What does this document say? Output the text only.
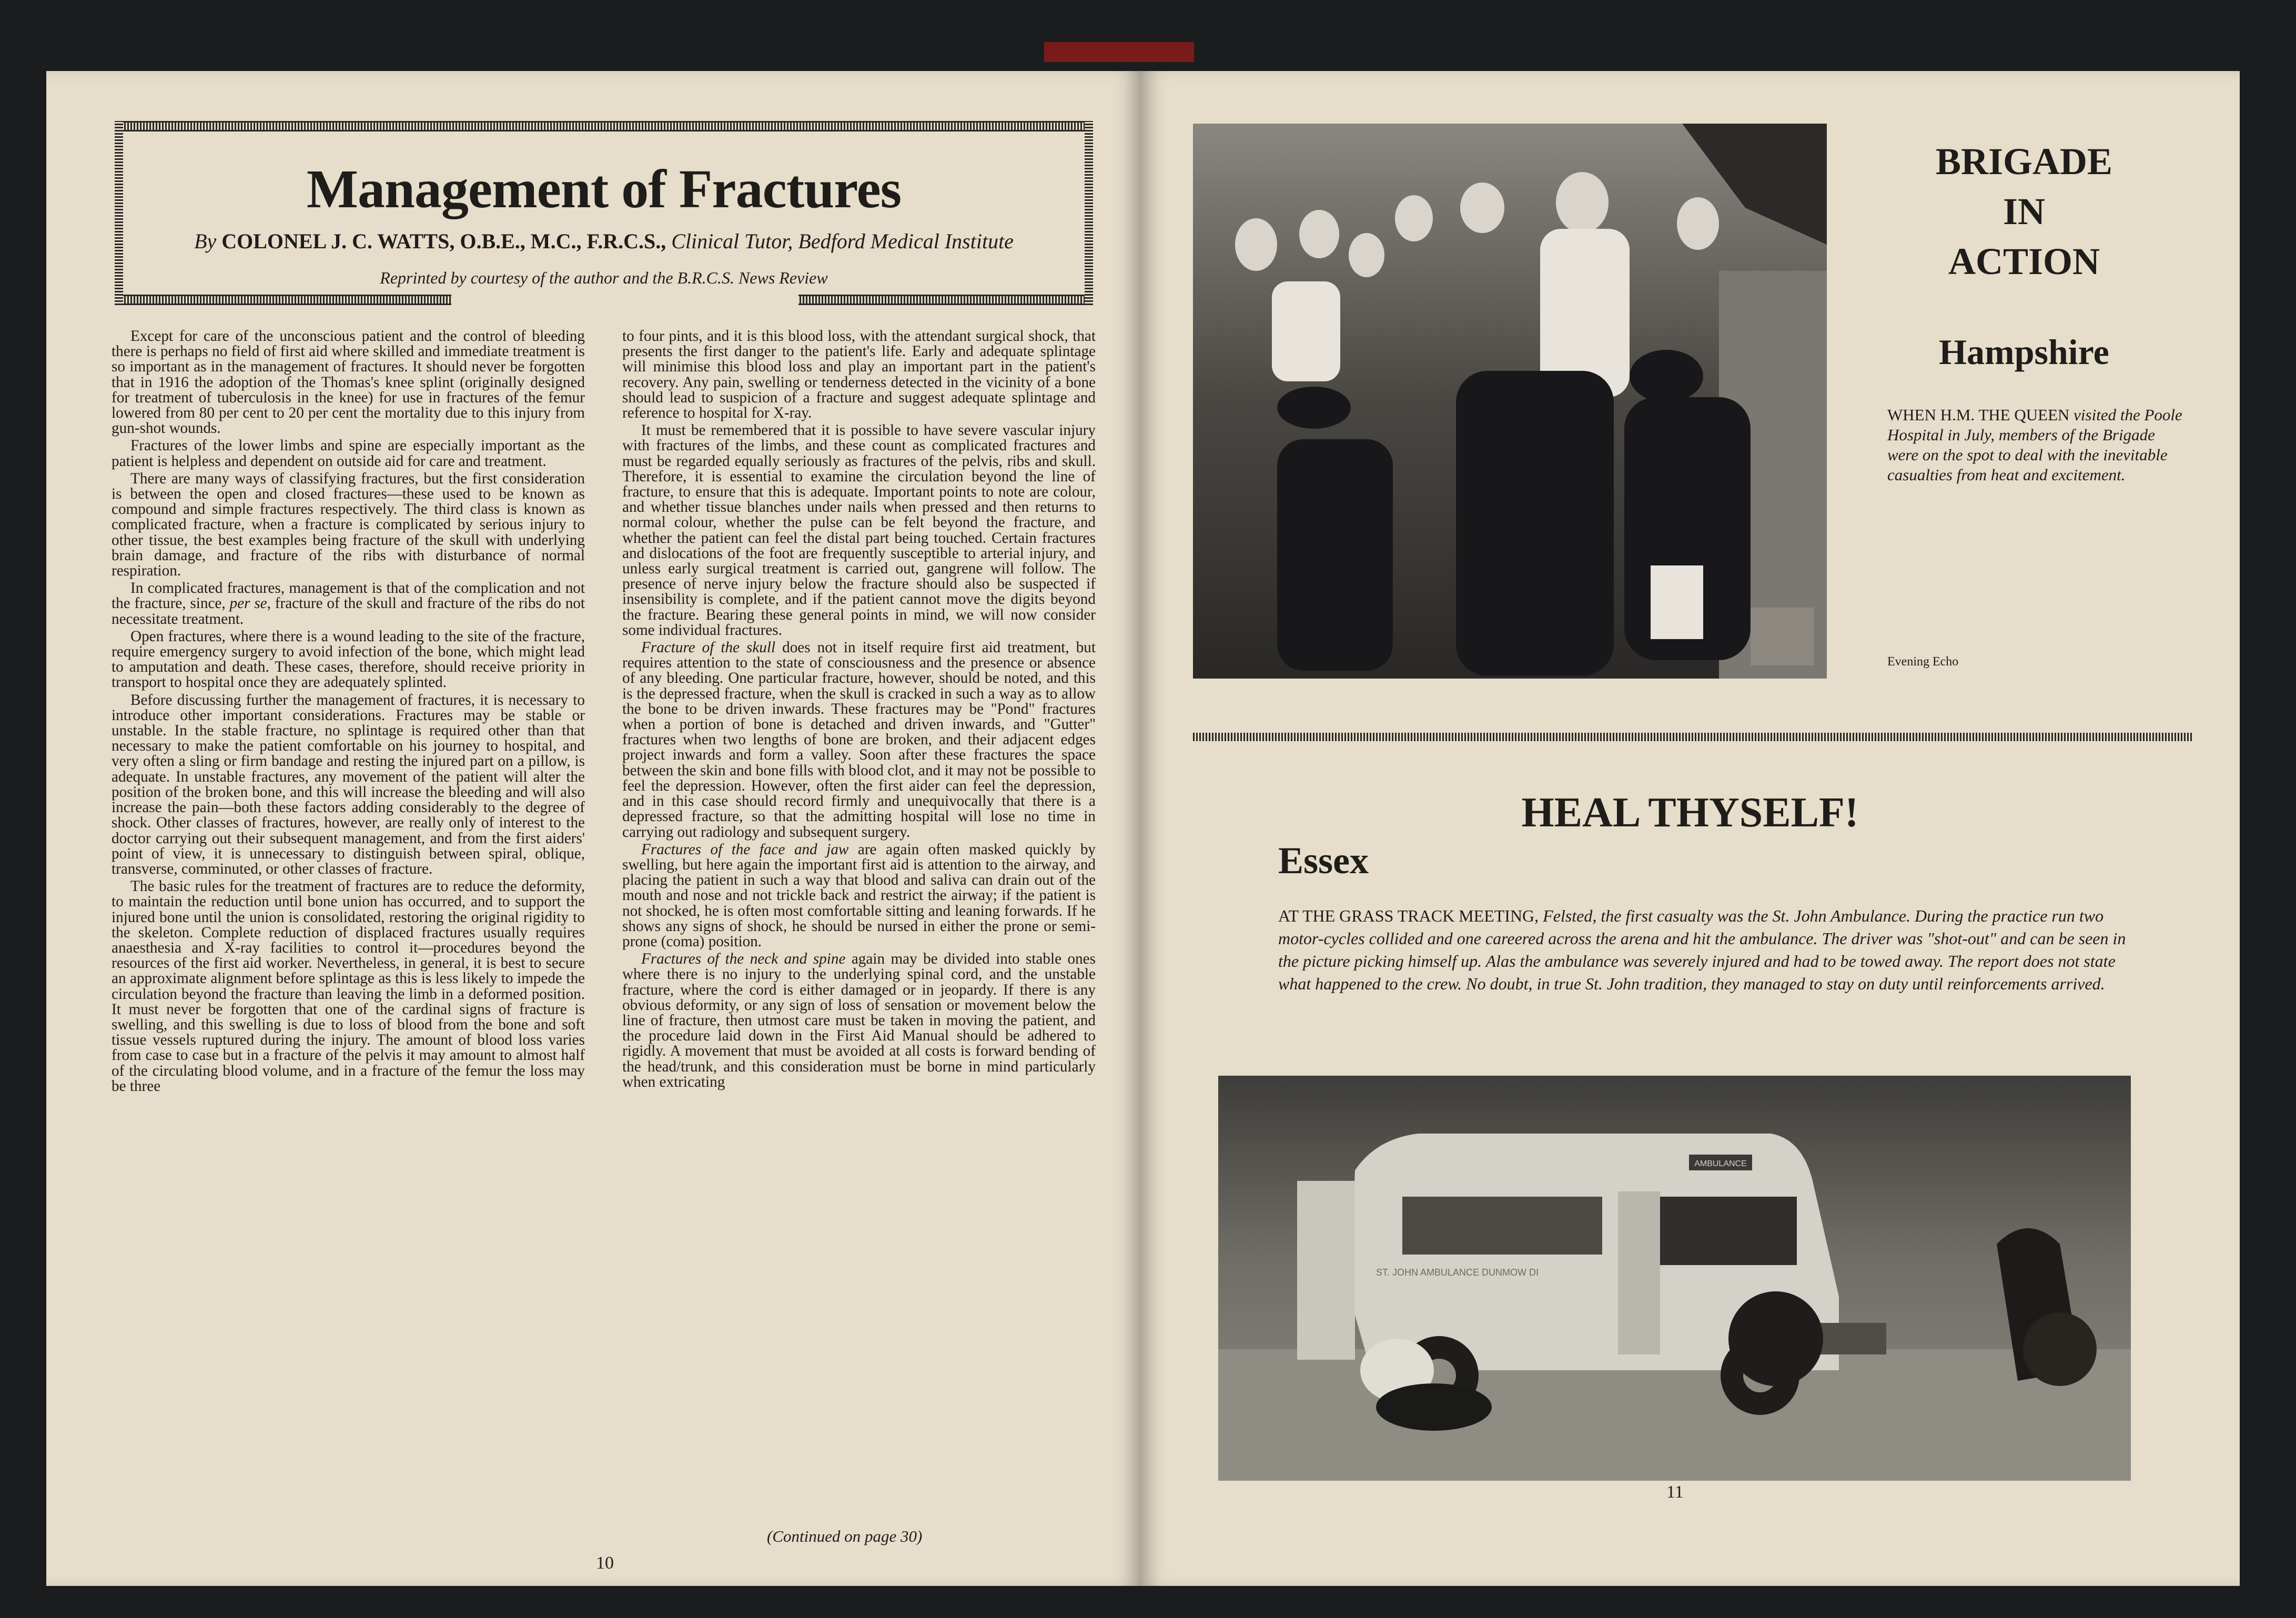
Management of Fractures
By COLONEL J. C. WATTS, O.B.E., M.C., F.R.C.S., Clinical Tutor, Bedford Medical Institute
Reprinted by courtesy of the author and the B.R.C.S. News Review

Except for care of the unconscious patient and the control of bleeding there is perhaps no field of first aid where skilled and immediate treatment is so important as in the management of fractures. It should never be forgotten that in 1916 the adoption of the Thomas's knee splint (originally designed for treatment of tuberculosis in the knee) for use in fractures of the femur lowered from 80 per cent to 20 per cent the mortality due to this injury from gun-shot wounds.

Fractures of the lower limbs and spine are especially important as the patient is helpless and dependent on outside aid for care and treatment.

There are many ways of classifying fractures, but the first consideration is between the open and closed fractures—these used to be known as compound and simple fractures respectively. The third class is known as complicated fracture, when a fracture is complicated by serious injury to other tissue, the best examples being fracture of the skull with underlying brain damage, and fracture of the ribs with disturbance of normal respiration.

In complicated fractures, management is that of the complication and not the fracture, since, per se, fracture of the skull and fracture of the ribs do not necessitate treatment.

Open fractures, where there is a wound leading to the site of the fracture, require emergency surgery to avoid infection of the bone, which might lead to amputation and death. These cases, therefore, should receive priority in transport to hospital once they are adequately splinted.

Before discussing further the management of fractures, it is necessary to introduce other important considerations. Fractures may be stable or unstable. In the stable fracture, no splintage is required other than that necessary to make the patient comfortable on his journey to hospital, and very often a sling or firm bandage and resting the injured part on a pillow, is adequate. In unstable fractures, any movement of the patient will alter the position of the broken bone, and this will increase the bleeding and will also increase the pain—both these factors adding considerably to the degree of shock. Other classes of fractures, however, are really only of interest to the doctor carrying out their subsequent management, and from the first aiders' point of view, it is unnecessary to distinguish between spiral, oblique, transverse, comminuted, or other classes of fracture.

The basic rules for the treatment of fractures are to reduce the deformity, to maintain the reduction until bone union has occurred, and to support the injured bone until the union is consolidated, restoring the original rigidity to the skeleton. Complete reduction of displaced fractures usually requires anaesthesia and X-ray facilities to control it—procedures beyond the resources of the first aid worker. Nevertheless, in general, it is best to secure an approximate alignment before splintage as this is less likely to impede the circulation beyond the fracture than leaving the limb in a deformed position. It must never be forgotten that one of the cardinal signs of fracture is swelling, and this swelling is due to loss of blood from the bone and soft tissue vessels ruptured during the injury. The amount of blood loss varies from case to case but in a fracture of the pelvis it may amount to almost half of the circulating blood volume, and in a fracture of the femur the loss may be three

to four pints, and it is this blood loss, with the attendant surgical shock, that presents the first danger to the patient's life. Early and adequate splintage will minimise this blood loss and play an important part in the patient's recovery. Any pain, swelling or tenderness detected in the vicinity of a bone should lead to suspicion of a fracture and suggest adequate splintage and reference to hospital for X-ray.

It must be remembered that it is possible to have severe vascular injury with fractures of the limbs, and these count as complicated fractures and must be regarded equally seriously as fractures of the pelvis, ribs and skull. Therefore, it is essential to examine the circulation beyond the line of fracture, to ensure that this is adequate. Important points to note are colour, and whether tissue blanches under nails when pressed and then returns to normal colour, whether the pulse can be felt beyond the fracture, and whether the patient can feel the distal part being touched. Certain fractures and dislocations of the foot are frequently susceptible to arterial injury, and unless early surgical treatment is carried out, gangrene will follow. The presence of nerve injury below the fracture should also be suspected if insensibility is complete, and if the patient cannot move the digits beyond the fracture. Bearing these general points in mind, we will now consider some individual fractures.

Fracture of the skull does not in itself require first aid treatment, but requires attention to the state of consciousness and the presence or absence of any bleeding. One particular fracture, however, should be noted, and this is the depressed fracture, when the skull is cracked in such a way as to allow the bone to be driven inwards. These fractures may be "Pond" fractures when a portion of bone is detached and driven inwards, and "Gutter" fractures when two lengths of bone are broken, and their adjacent edges project inwards and form a valley. Soon after these fractures the space between the skin and bone fills with blood clot, and it may not be possible to feel the depression. However, often the first aider can feel the depression, and in this case should record firmly and unequivocally that there is a depressed fracture, so that the admitting hospital will lose no time in carrying out radiology and subsequent surgery.

Fractures of the face and jaw are again often masked quickly by swelling, but here again the important first aid is attention to the airway, and placing the patient in such a way that blood and saliva can drain out of the mouth and nose and not trickle back and restrict the airway; if the patient is not shocked, he is often most comfortable sitting and leaning forwards. If he shows any signs of shock, he should be nursed in either the prone or semi-prone (coma) position.

Fractures of the neck and spine again may be divided into stable ones where there is no injury to the underlying spinal cord, and the unstable fracture, where the cord is either damaged or in jeopardy. If there is any obvious deformity, or any sign of loss of sensation or movement below the line of fracture, then utmost care must be taken in moving the patient, and the procedure laid down in the First Aid Manual should be adhered to rigidly. A movement that must be avoided at all costs is forward bending of the head/trunk, and this consideration must be borne in mind particularly when extricating

(Continued on page 30)
10
BRIGADE
IN
ACTION
Hampshire
WHEN H.M. THE QUEEN visited the Poole Hospital in July, members of the Brigade were on the spot to deal with the inevitable casualties from heat and excitement.
Evening Echo
HEAL THYSELF!
Essex
AT THE GRASS TRACK MEETING, Felsted, the first casualty was the St. John Ambulance. During the practice run two motor-cycles collided and one careered across the arena and hit the ambulance. The driver was "shot-out" and can be seen in the picture picking himself up. Alas the ambulance was severely injured and had to be towed away. The report does not state what happened to the crew. No doubt, in true St. John tradition, they managed to stay on duty until reinforcements arrived.
AMBULANCE
ST. JOHN AMBULANCE DUNMOW DI
11
